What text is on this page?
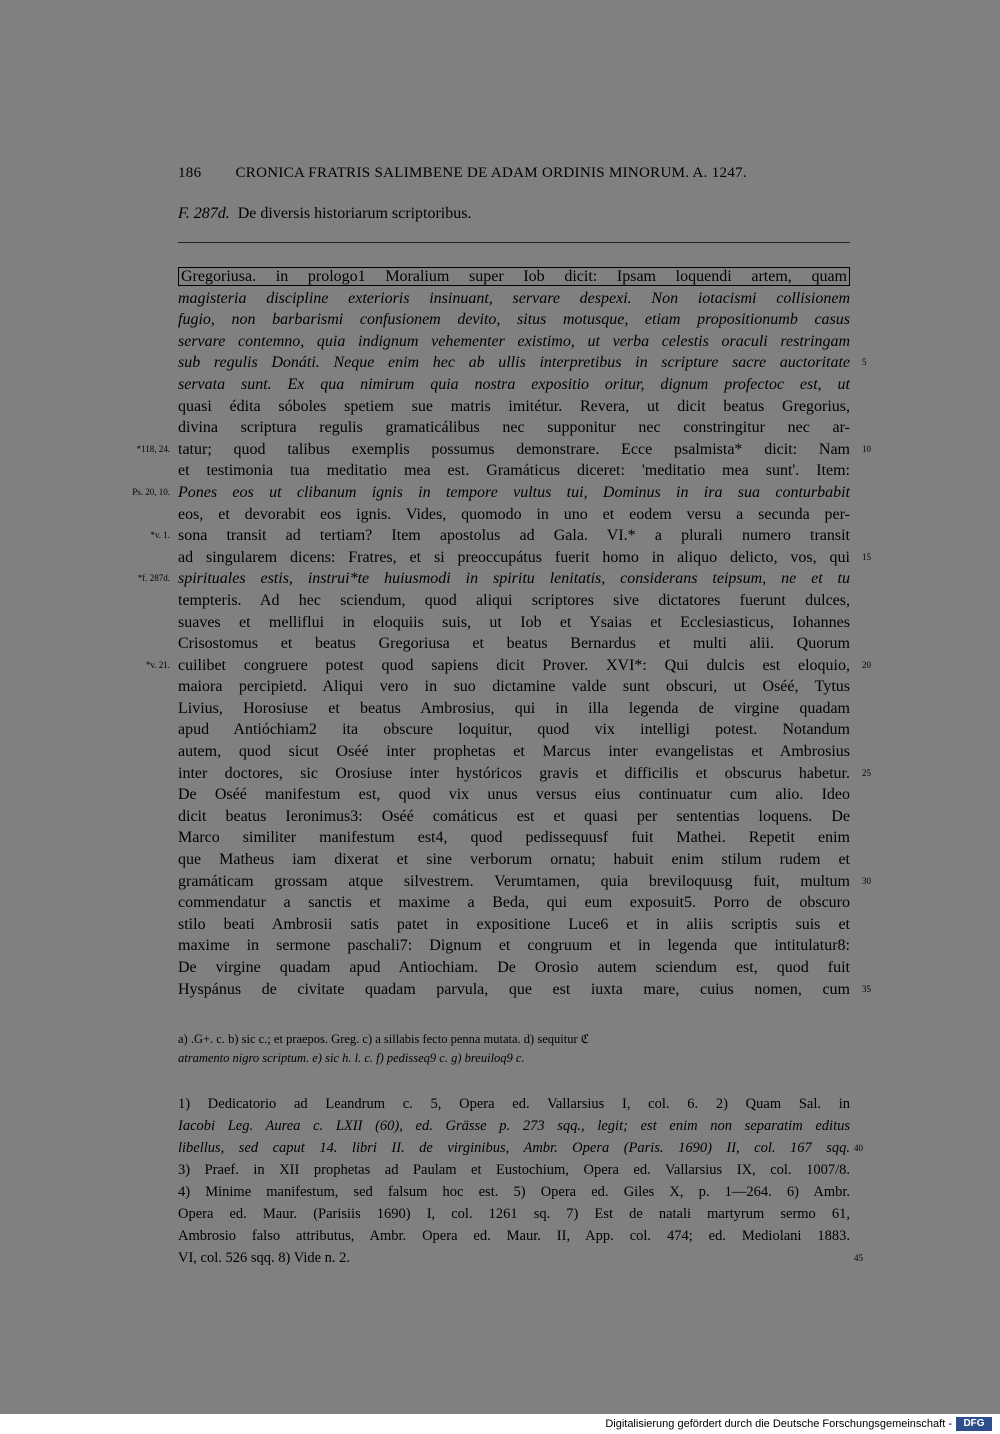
186 CRONICA FRATRIS SALIMBENE DE ADAM ORDINIS MINORUM. A. 1247.
F. 287d. De diversis historiarum scriptoribus.
Gregoriusa. in prologo1 Moralium super Iob dicit: Ipsam loquendi artem, quam
magisteria discipline exterioris insinuant, servare despexi. Non iotacismi collisionem
fugio, non barbarismi confusionem devito, situs motusque, etiam propositionumb casus
servare contemno, quia indignum vehementer existimo, ut verba celestis oraculi restringam
sub regulis Donáti. Neque enim hec ab ullis interpretibus in scripture sacre auctoritate 5
servata sunt. Ex qua nimirum quia nostra expositio oritur, dignum profectoc est, ut
quasi édita sóboles spetiem sue matris imitétur. Revera, ut dicit beatus Gregorius,
divina scriptura regulis gramaticálibus nec supponitur nec constringitur nec ar-
*118, 24. tatur; quod talibus exemplis possumus demonstrare. Ecce psalmista* dicit: Nam 10
et testimonia tua meditatio mea est. Gramáticus diceret: 'meditatio mea sunt'. Item:
Ps. 20, 10. Pones eos ut clibanum ignis in tempore vultus tui, Dominus in ira sua conturbabit
eos, et devorabit eos ignis. Vides, quomodo in uno et eodem versu a secunda per-
*v. 1. sona transit ad tertiam? Item apostolus ad Gala. VI.* a plurali numero transit
ad singularem dicens: Fratres, et si preoccupátus fuerit homo in aliquo delicto, vos, qui 15
*f. 287d. spirituales estis, instrui*te huiusmodi in spiritu lenitatis, considerans teipsum, ne et tu
tempteris. Ad hec sciendum, quod aliqui scriptores sive dictatores fuerunt dulces,
suaves et melliflui in eloquiis suis, ut Iob et Ysaias et Ecclesiasticus, Iohannes
Crisostomus et beatus Gregoriusa et beatus Bernardus et multi alii. Quorum
*v. 21. cuilibet congruere potest quod sapiens dicit Prover. XVI*: Qui dulcis est eloquio, 20
maiora percipietd. Aliqui vero in suo dictamine valde sunt obscuri, ut Oséé, Tytus
Livius, Horosiuse et beatus Ambrosius, qui in illa legenda de virgine quadam
apud Antióchiam2 ita obscure loquitur, quod vix intelligi potest. Notandum
autem, quod sicut Oséé inter prophetas et Marcus inter evangelistas et Ambrosius
inter doctores, sic Orosiuse inter hystóricos gravis et difficilis et obscurus habetur. 25
De Oséé manifestum est, quod vix unus versus eius continuatur cum alio. Ideo
dicit beatus Ieronimus3: Oséé comáticus est et quasi per sententias loquens. De
Marco similiter manifestum est4, quod pedissequusf fuit Mathei. Repetit enim
que Matheus iam dixerat et sine verborum ornatu; habuit enim stilum rudem et
gramáticam grossam atque silvestrem. Verumtamen, quia breviloquusg fuit, multum 30
commendatur a sanctis et maxime a Beda, qui eum exposuit5. Porro de obscuro
stilo beati Ambrosii satis patet in expositione Luce6 et in aliis scriptis suis et
maxime in sermone paschali7: Dignum et congruum et in legenda que intitulatur8:
De virgine quadam apud Antiochiam. De Orosio autem sciendum est, quod fuit
Hyspánus de civitate quadam parvula, que est iuxta mare, cuius nomen, cum 35
a) .G+. c. b) sic c.; et praepos. Greg. c) a sillabis fecto penna mutata. d) sequitur ℭ
atramento nigro scriptum. e) sic h. l. c. f) pedisseq9 c. g) breuiloq9 c.
1) Dedicatorio ad Leandrum c. 5, Opera ed. Vallarsius I, col. 6. 2) Quam Sal. in
Iacobi Leg. Aurea c. LXII (60), ed. Grässe p. 273 sqq., legit; est enim non separatim editus
libellus, sed caput 14. libri II. de virginibus, Ambr. Opera (Paris. 1690) II, col. 167 sqq. 40
3) Praef. in XII prophetas ad Paulam et Eustochium, Opera ed. Vallarsius IX, col. 1007/8.
4) Minime manifestum, sed falsum hoc est. 5) Opera ed. Giles X, p. 1—264. 6) Ambr.
Opera ed. Maur. (Parisiis 1690) I, col. 1261 sq. 7) Est de natali martyrum sermo 61,
Ambrosio falso attributus, Ambr. Opera ed. Maur. II, App. col. 474; ed. Mediolani 1883.
VI, col. 526 sqq. 8) Vide n. 2.	45
Digitalisierung gefördert durch die Deutsche Forschungsgemeinschaft -	DFG
